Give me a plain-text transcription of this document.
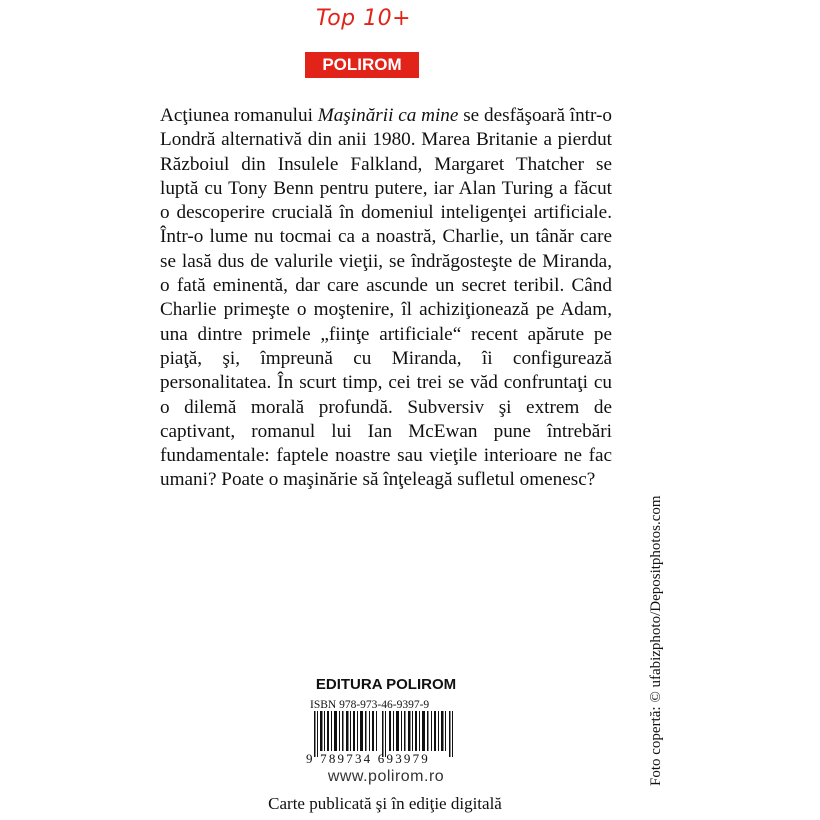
Top 10+
POLIROM

Acţiunea romanului Maşinării ca mine se desfăşoară într-o Londră alternativă din anii 1980. Marea Britanie a pierdut Războiul din Insulele Falkland, Margaret Thatcher se luptă cu Tony Benn pentru putere, iar Alan Turing a făcut o descoperire crucială în domeniul inteligenţei artificiale. Într-o lume nu tocmai ca a noastră, Charlie, un tânăr care se lasă dus de valurile vieţii, se îndrăgosteşte de Miranda, o fată eminentă, dar care ascunde un secret teribil. Când Charlie primeşte o moştenire, îl achiziţionează pe Adam, una dintre primele „fiinţe artificiale“ recent apărute pe piaţă, şi, împreună cu Miranda, îi configurează personalitatea. În scurt timp, cei trei se văd confruntaţi cu o dilemă morală profundă. Subversiv şi extrem de captivant, romanul lui Ian McEwan pune întrebări fundamentale: faptele noastre sau vieţile interioare ne fac umani? Poate o maşinărie să înţeleagă sufletul omenesc?

Foto copertă: © ufabizphoto/Depositphotos.com
EDITURA POLIROM
ISBN 978-973-46-9397-9
9 789734 693979
www.polirom.ro
Carte publicată şi în ediţie digitală
